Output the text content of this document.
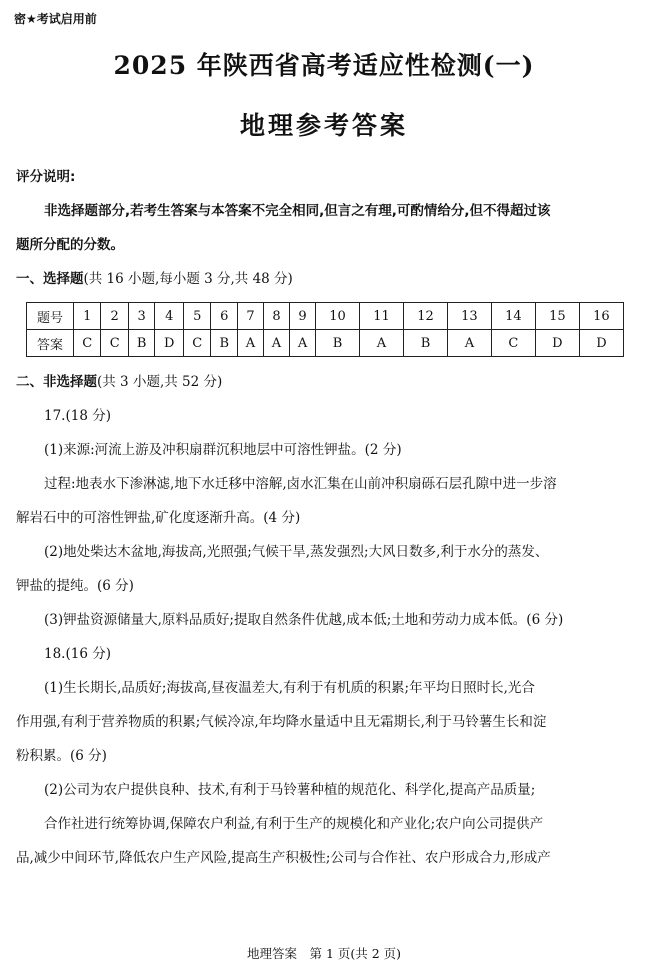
密★考试启用前
2025 年陕西省高考适应性检测(一)
地理参考答案
评分说明:
非选择题部分,若考生答案与本答案不完全相同,但言之有理,可酌情给分,但不得超过该
题所分配的分数。
一、选择题(共 16 小题,每小题 3 分,共 48 分)
题号	1	2	3	4	5	6	7	8	9	10	11	12	13	14	15	16
答案	C	C	B	D	C	B	A	A	A	B	A	B	A	C	D	D
二、非选择题(共 3 小题,共 52 分)
17.(18 分)
(1)来源:河流上游及冲积扇群沉积地层中可溶性钾盐。(2 分)
过程:地表水下渗淋滤,地下水迁移中溶解,卤水汇集在山前冲积扇砾石层孔隙中进一步溶
解岩石中的可溶性钾盐,矿化度逐渐升高。(4 分)
(2)地处柴达木盆地,海拔高,光照强;气候干旱,蒸发强烈;大风日数多,利于水分的蒸发、
钾盐的提纯。(6 分)
(3)钾盐资源储量大,原料品质好;提取自然条件优越,成本低;土地和劳动力成本低。(6 分)
18.(16 分)
(1)生长期长,品质好;海拔高,昼夜温差大,有利于有机质的积累;年平均日照时长,光合
作用强,有利于营养物质的积累;气候冷凉,年均降水量适中且无霜期长,利于马铃薯生长和淀
粉积累。(6 分)
(2)公司为农户提供良种、技术,有利于马铃薯种植的规范化、科学化,提高产品质量;
合作社进行统筹协调,保障农户利益,有利于生产的规模化和产业化;农户向公司提供产
品,减少中间环节,降低农户生产风险,提高生产积极性;公司与合作社、农户形成合力,形成产
地理答案　第 1 页(共 2 页)
